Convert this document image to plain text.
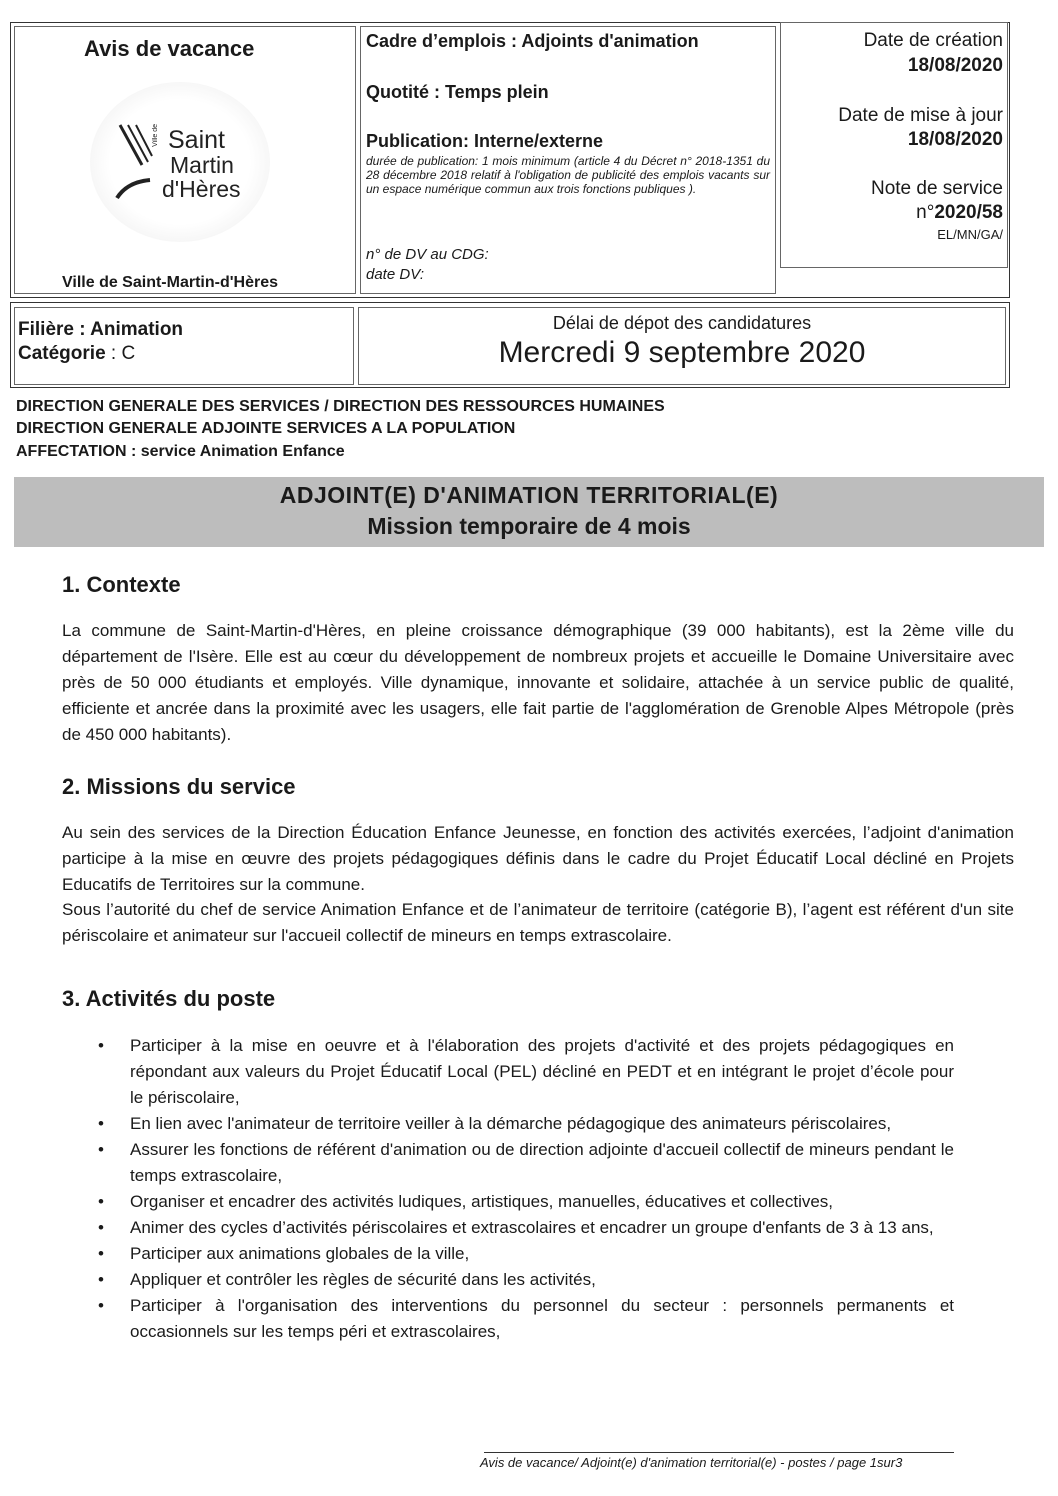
Avis de vacance
Ville de Saint
Martin
d'Hères
Ville de Saint-Martin-d'Hères
Cadre d’emplois : Adjoints d'animation
Quotité : Temps plein
Publication: Interne/externe
durée de publication: 1 mois minimum (article 4 du Décret n° 2018-1351 du 28 décembre 2018 relatif à l'obligation de publicité des emplois vacants sur un espace numérique commun aux trois fonctions publiques ).
n° de DV au CDG:
date DV:
Date de création
18/08/2020
Date de mise à jour
18/08/2020
Note de service
n°2020/58
EL/MN/GA/
Filière : Animation
Catégorie : C
Délai de dépot des candidatures
Mercredi 9 septembre 2020
DIRECTION GENERALE DES SERVICES / DIRECTION DES RESSOURCES HUMAINES
DIRECTION GENERALE ADJOINTE SERVICES A LA POPULATION
AFFECTATION : service Animation Enfance
ADJOINT(E) D'ANIMATION TERRITORIAL(E)
Mission temporaire de 4 mois
1. Contexte
La commune de Saint-Martin-d'Hères, en pleine croissance démographique (39 000 habitants), est la 2ème ville du département de l'Isère. Elle est au cœur du développement de nombreux projets et accueille le Domaine Universitaire avec près de 50 000 étudiants et employés. Ville dynamique, innovante et solidaire, attachée à un service public de qualité, efficiente et ancrée dans la proximité avec les usagers, elle fait partie de l'agglomération de Grenoble Alpes Métropole (près de 450 000 habitants).
2. Missions du service
Au sein des services de la Direction Éducation Enfance Jeunesse, en fonction des activités exercées, l’adjoint d'animation participe à la mise en œuvre des projets pédagogiques définis dans le cadre du Projet Éducatif Local décliné en Projets Educatifs de Territoires sur la commune.
Sous l’autorité du chef de service Animation Enfance et de l’animateur de territoire (catégorie B), l’agent est référent d'un site périscolaire et animateur sur l'accueil collectif de mineurs en temps extrascolaire.
3. Activités du poste
• Participer à la mise en oeuvre et à l'élaboration des projets d'activité et des projets pédagogiques en répondant aux valeurs du Projet Éducatif Local (PEL) décliné en PEDT et en intégrant le projet d’école pour le périscolaire,
• En lien avec l'animateur de territoire veiller à la démarche pédagogique des animateurs périscolaires,
• Assurer les fonctions de référent d'animation ou de direction adjointe d'accueil collectif de mineurs pendant le temps extrascolaire,
• Organiser et encadrer des activités ludiques, artistiques, manuelles, éducatives et collectives,
• Animer des cycles d’activités périscolaires et extrascolaires et encadrer un groupe d'enfants de 3 à 13 ans,
• Participer aux animations globales de la ville,
• Appliquer et contrôler les règles de sécurité dans les activités,
• Participer à l'organisation des interventions du personnel du secteur : personnels permanents et occasionnels sur les temps péri et extrascolaires,
Avis de vacance/ Adjoint(e) d'animation territorial(e) - postes / page 1sur3
